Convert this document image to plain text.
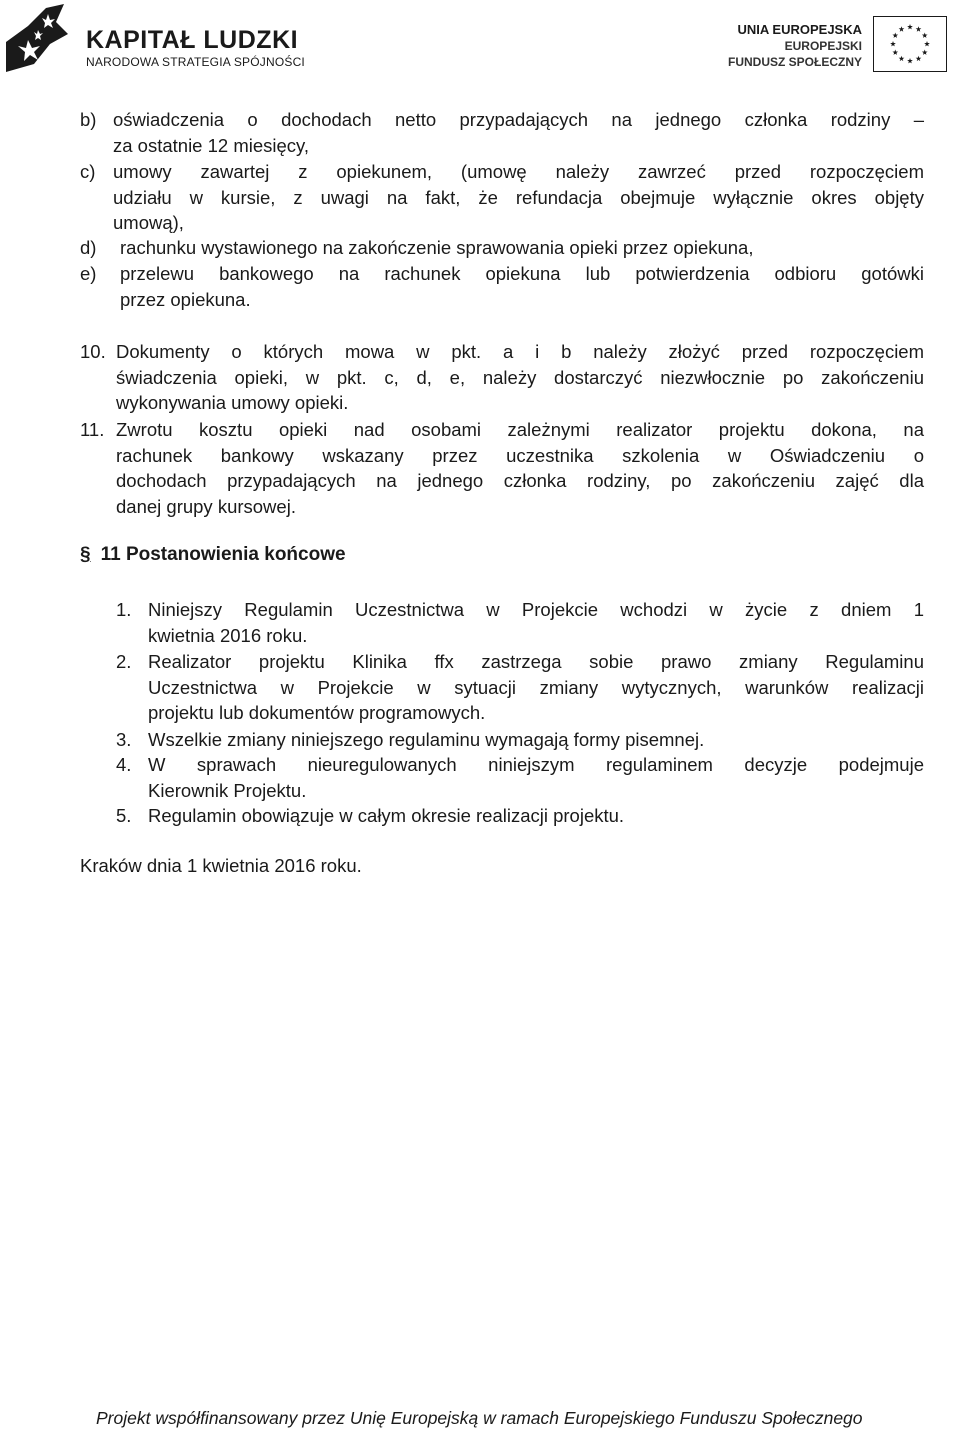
KAPITAŁ LUDZKI
NARODOWA STRATEGIA SPÓJNOŚCI
UNIA EUROPEJSKA
EUROPEJSKI
FUNDUSZ SPOŁECZNY
b) oświadczenia o dochodach netto przypadających na jednego członka rodziny –
za ostatnie 12 miesięcy,
c) umowy zawartej z opiekunem, (umowę należy zawrzeć przed rozpoczęciem
udziału w kursie, z uwagi na fakt, że refundacja obejmuje wyłącznie okres objęty
umową),
d) rachunku wystawionego na zakończenie sprawowania opieki przez opiekuna,
e) przelewu bankowego na rachunek opiekuna lub potwierdzenia odbioru gotówki
przez opiekuna.
10. Dokumenty o których mowa w pkt. a i b należy złożyć przed rozpoczęciem
świadczenia opieki, w pkt. c, d, e, należy dostarczyć niezwłocznie po zakończeniu
wykonywania umowy opieki.
11. Zwrotu kosztu opieki nad osobami zależnymi realizator projektu dokona, na
rachunek bankowy wskazany przez uczestnika szkolenia w Oświadczeniu o
dochodach przypadających na jednego członka rodziny, po zakończeniu zajęć dla
danej grupy kursowej.
1. Niniejszy Regulamin Uczestnictwa w Projekcie wchodzi w życie z dniem 1
kwietnia 2016 roku.
2. Realizator projektu Klinika ffx zastrzega sobie prawo zmiany Regulaminu
Uczestnictwa w Projekcie w sytuacji zmiany wytycznych, warunków realizacji
projektu lub dokumentów programowych.
3. Wszelkie zmiany niniejszego regulaminu wymagają formy pisemnej.
4. W sprawach nieuregulowanych niniejszym regulaminem decyzje podejmuje
Kierownik Projektu.
5. Regulamin obowiązuje w całym okresie realizacji projektu.
§ 11 Postanowienia końcowe
Kraków dnia 1 kwietnia 2016 roku.
Projekt współfinansowany przez Unię Europejską w ramach Europejskiego Funduszu Społecznego
